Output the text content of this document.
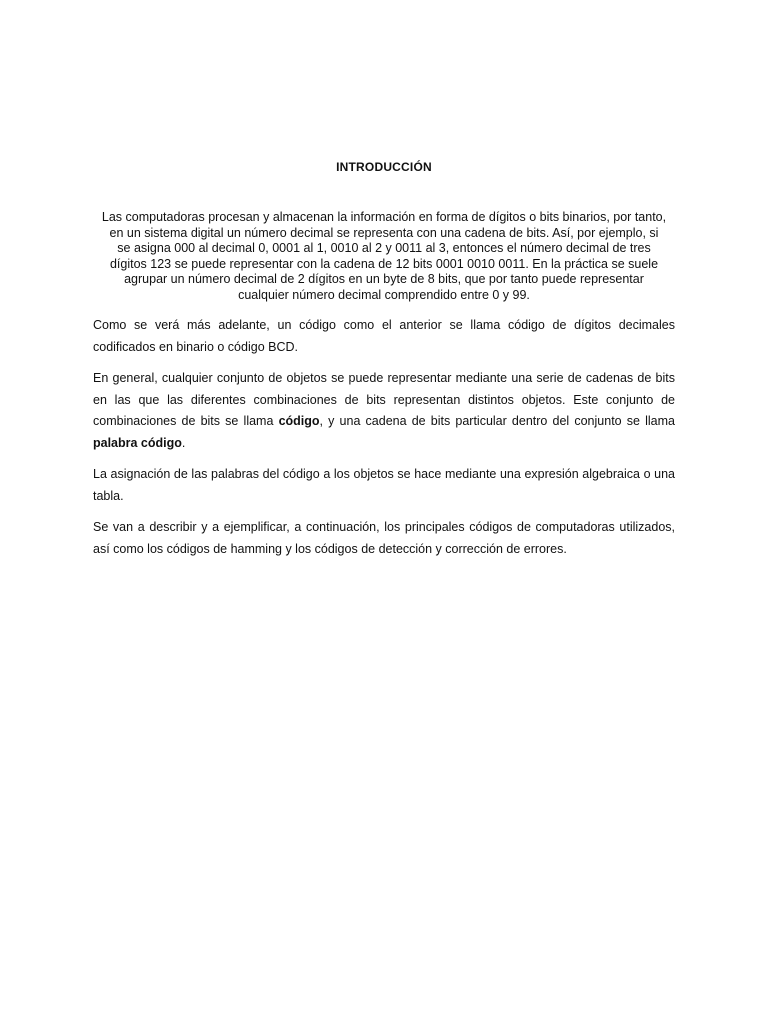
INTRODUCCIÓN
Las computadoras procesan y almacenan la información en forma de dígitos o bits binarios, por tanto,
en un sistema digital un número decimal se representa con una cadena de bits. Así, por ejemplo, si
se asigna 000 al decimal 0, 0001 al 1, 0010 al 2 y 0011 al 3, entonces el número decimal de tres
dígitos 123 se puede representar con la cadena de 12 bits 0001 0010 0011. En la práctica se suele
agrupar un número decimal de 2 dígitos en un byte de 8 bits, que por tanto puede representar
cualquier número decimal comprendido entre 0 y 99.

Como se verá más adelante, un código como el anterior se llama código de dígitos decimales codificados en binario o código BCD.

En general, cualquier conjunto de objetos se puede representar mediante una serie de cadenas de bits en las que las diferentes combinaciones de bits representan distintos objetos. Este conjunto de combinaciones de bits se llama código, y una cadena de bits particular dentro del conjunto se llama palabra código.

La asignación de las palabras del código a los objetos se hace mediante una expresión algebraica o una tabla.

Se van a describir y a ejemplificar, a continuación, los principales códigos de computadoras utilizados, así como los códigos de hamming y los códigos de detección y corrección de errores.
